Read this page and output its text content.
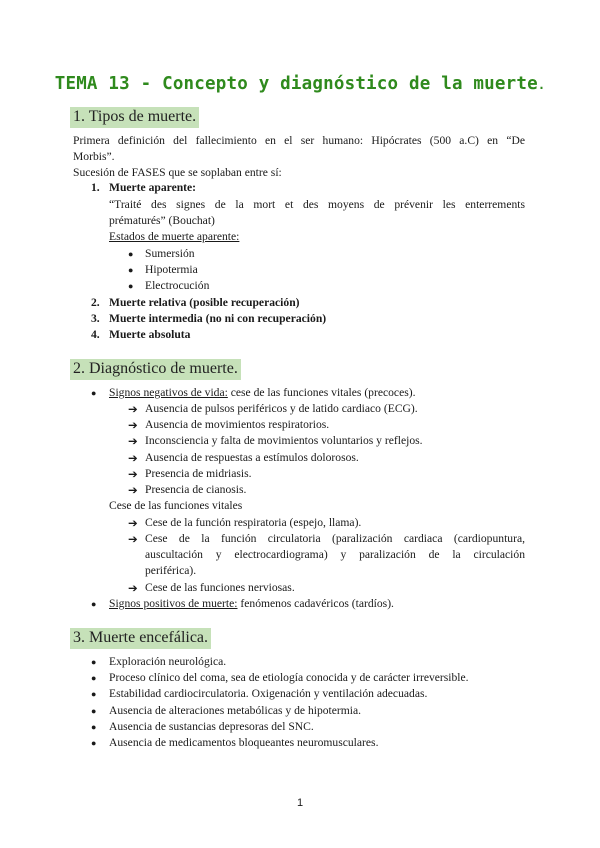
TEMA 13 - Concepto y diagnóstico de la muerte.
1. Tipos de muerte.
Primera definición del fallecimiento en el ser humano: Hipócrates (500 a.C) en “De
Morbis”.
Sucesión de FASES que se soplaban entre sí:
1. Muerte aparente:
“Traité des signes de la mort et des moyens de prévenir les enterrements
prématurés” (Bouchat)
Estados de muerte aparente:
● Sumersión
● Hipotermia
● Electrocución
2. Muerte relativa (posible recuperación)
3. Muerte intermedia (no ni con recuperación)
4. Muerte absoluta
2. Diagnóstico de muerte.
● Signos negativos de vida: cese de las funciones vitales (precoces).
➔ Ausencia de pulsos periféricos y de latido cardiaco (ECG).
➔ Ausencia de movimientos respiratorios.
➔ Inconsciencia y falta de movimientos voluntarios y reflejos.
➔ Ausencia de respuestas a estímulos dolorosos.
➔ Presencia de midriasis.
➔ Presencia de cianosis.
Cese de las funciones vitales
➔ Cese de la función respiratoria (espejo, llama).
➔ Cese de la función circulatoria (paralización cardiaca (cardiopuntura,
auscultación y electrocardiograma) y paralización de la circulación
periférica).
➔ Cese de las funciones nerviosas.
● Signos positivos de muerte: fenómenos cadavéricos (tardíos).
3. Muerte encefálica.
● Exploración neurológica.
● Proceso clínico del coma, sea de etiología conocida y de carácter irreversible.
● Estabilidad cardiocirculatoria. Oxigenación y ventilación adecuadas.
● Ausencia de alteraciones metabólicas y de hipotermia.
● Ausencia de sustancias depresoras del SNC.
● Ausencia de medicamentos bloqueantes neuromusculares.
1
